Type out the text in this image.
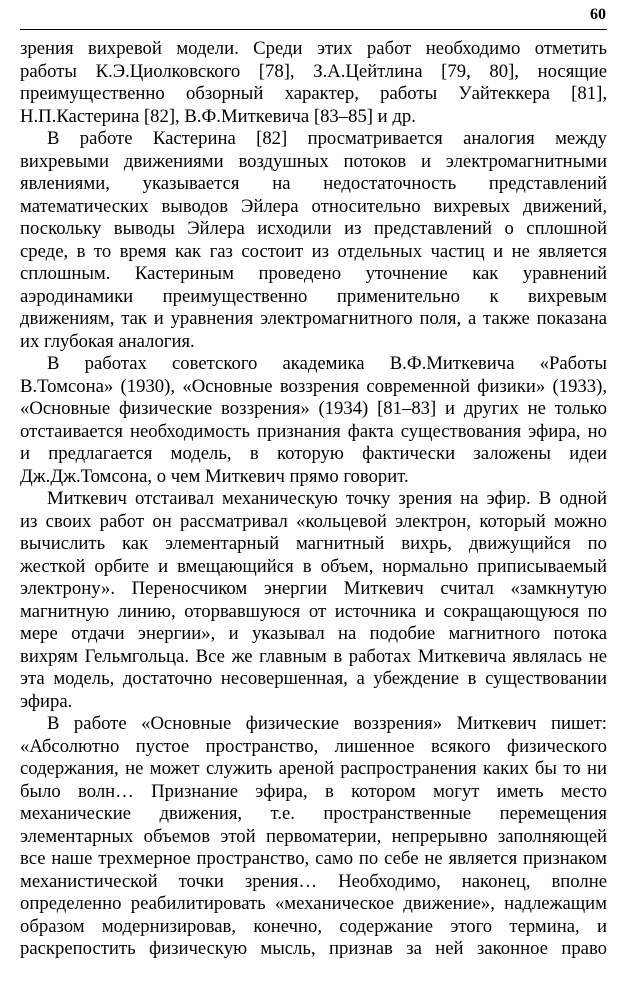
60
зрения вихревой модели. Среди этих работ необходимо отметить
работы К.Э.Циолковского [78], З.А.Цейтлина [79, 80], носящие
преимущественно обзорный характер, работы Уайтеккера [81],
Н.П.Кастерина [82], В.Ф.Миткевича [83–85] и др.
В работе Кастерина [82] просматривается аналогия между
вихревыми движениями воздушных потоков и электромагнитными
явлениями, указывается на недостаточность представлений
математических выводов Эйлера относительно вихревых движений,
поскольку выводы Эйлера исходили из представлений о сплошной
среде, в то время как газ состоит из отдельных частиц и не является
сплошным. Кастериным проведено уточнение как уравнений
аэродинамики преимущественно применительно к вихревым
движениям, так и уравнения электромагнитного поля, а также показана
их глубокая аналогия.
В работах советского академика В.Ф.Миткевича «Работы
В.Томсона» (1930), «Основные воззрения современной физики» (1933),
«Основные физические воззрения» (1934) [81–83] и других не только
отстаивается необходимость признания факта существования эфира, но
и предлагается модель, в которую фактически заложены идеи
Дж.Дж.Томсона, о чем Миткевич прямо говорит.
Миткевич отстаивал механическую точку зрения на эфир. В одной
из своих работ он рассматривал «кольцевой электрон, который можно
вычислить как элементарный магнитный вихрь, движущийся по
жесткой орбите и вмещающийся в объем, нормально приписываемый
электрону». Переносчиком энергии Миткевич считал «замкнутую
магнитную линию, оторвавшуюся от источника и сокращающуюся по
мере отдачи энергии», и указывал на подобие магнитного потока
вихрям Гельмгольца. Все же главным в работах Миткевича являлась не
эта модель, достаточно несовершенная, а убеждение в существовании
эфира.
В работе «Основные физические воззрения» Миткевич пишет:
«Абсолютно пустое пространство, лишенное всякого физического
содержания, не может служить ареной распространения каких бы то ни
было волн… Признание эфира, в котором могут иметь место
механические движения, т.е. пространственные перемещения
элементарных объемов этой первоматерии, непрерывно заполняющей
все наше трехмерное пространство, само по себе не является признаком
механистической точки зрения… Необходимо, наконец, вполне
определенно реабилитировать «механическое движение», надлежащим
образом модернизировав, конечно, содержание этого термина, и
раскрепостить физическую мысль, признав за ней законное право
